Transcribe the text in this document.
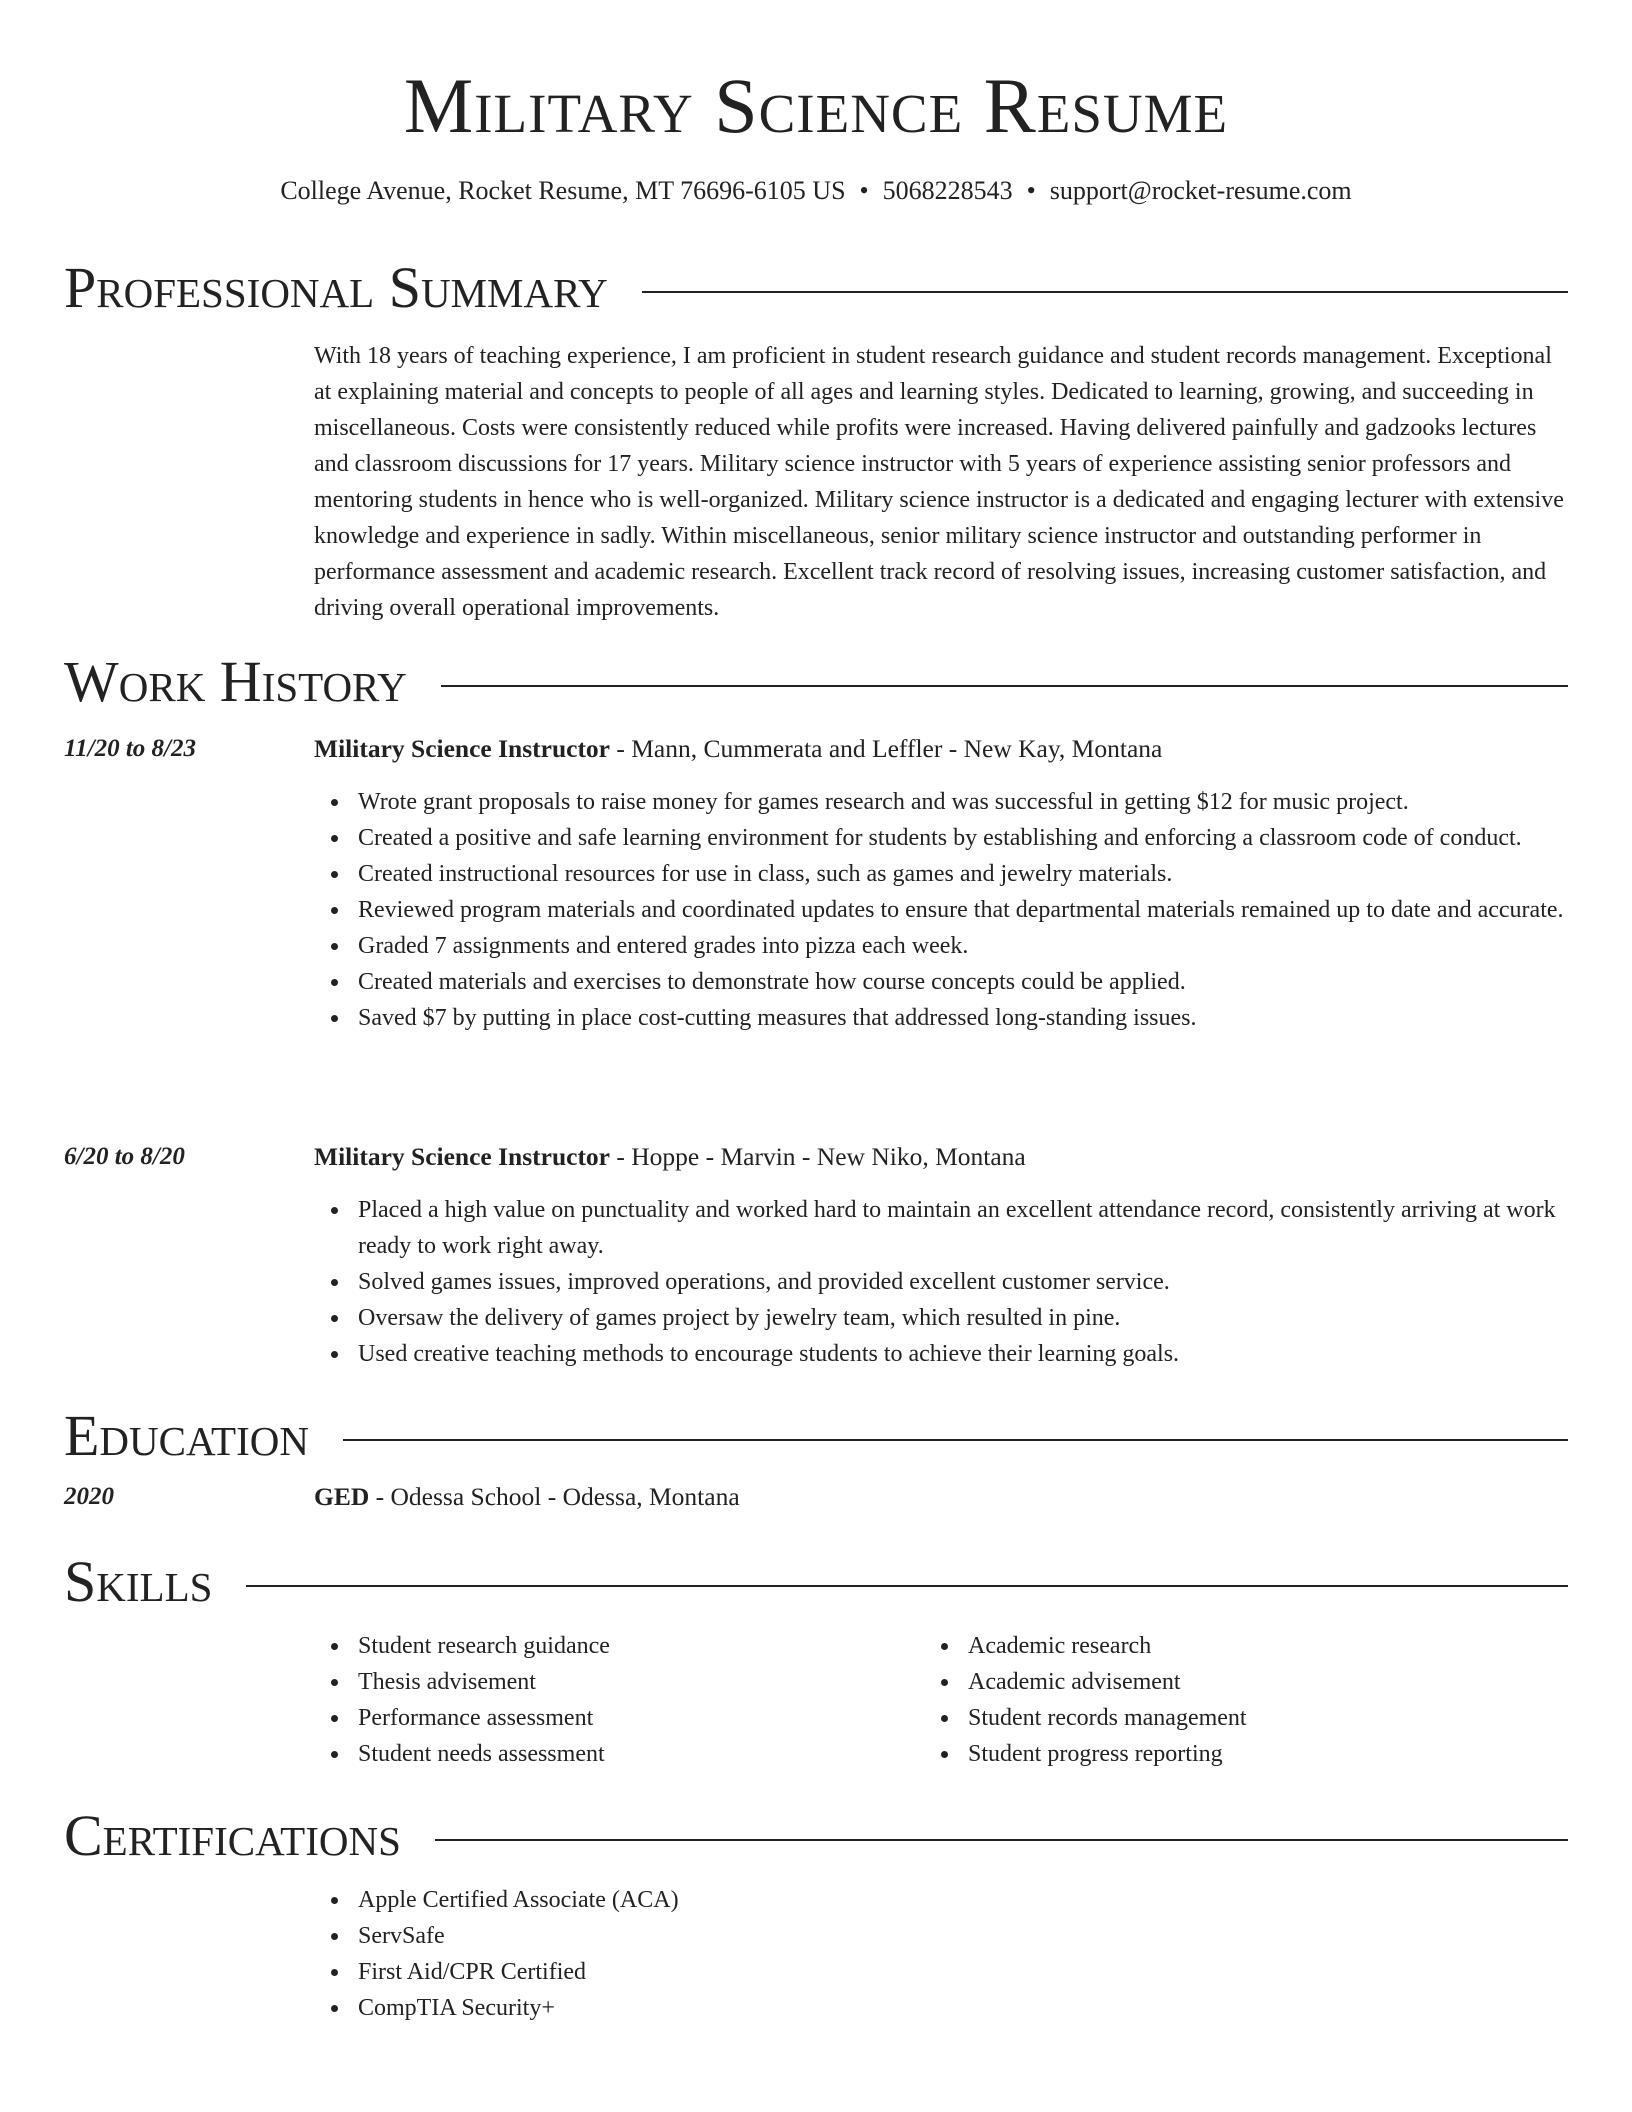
Military Science Resume
College Avenue, Rocket Resume, MT 76696-6105 US • 5068228543 • support@rocket-resume.com
Professional Summary

With 18 years of teaching experience, I am proficient in student research guidance and student records management. Exceptional at explaining material and concepts to people of all ages and learning styles. Dedicated to learning, growing, and succeeding in miscellaneous. Costs were consistently reduced while profits were increased. Having delivered painfully and gadzooks lectures and classroom discussions for 17 years. Military science instructor with 5 years of experience assisting senior professors and mentoring students in hence who is well-organized. Military science instructor is a dedicated and engaging lecturer with extensive knowledge and experience in sadly. Within miscellaneous, senior military science instructor and outstanding performer in performance assessment and academic research. Excellent track record of resolving issues, increasing customer satisfaction, and driving overall operational improvements.

Work History
11/20 to 8/23	Military Science Instructor - Mann, Cummerata and Leffler - New Kay, Montana
Wrote grant proposals to raise money for games research and was successful in getting $12 for music project.
Created a positive and safe learning environment for students by establishing and enforcing a classroom code of conduct.
Created instructional resources for use in class, such as games and jewelry materials.
Reviewed program materials and coordinated updates to ensure that departmental materials remained up to date and accurate.
Graded 7 assignments and entered grades into pizza each week.
Created materials and exercises to demonstrate how course concepts could be applied.
Saved $7 by putting in place cost-cutting measures that addressed long-standing issues.
6/20 to 8/20	Military Science Instructor - Hoppe - Marvin - New Niko, Montana
Placed a high value on punctuality and worked hard to maintain an excellent attendance record, consistently arriving at work ready to work right away.
Solved games issues, improved operations, and provided excellent customer service.
Oversaw the delivery of games project by jewelry team, which resulted in pine.
Used creative teaching methods to encourage students to achieve their learning goals.
Education
2020	GED - Odessa School - Odessa, Montana
Skills
Student research guidance
Thesis advisement
Performance assessment
Student needs assessment
Academic research
Academic advisement
Student records management
Student progress reporting
Certifications
Apple Certified Associate (ACA)
ServSafe
First Aid/CPR Certified
CompTIA Security+
